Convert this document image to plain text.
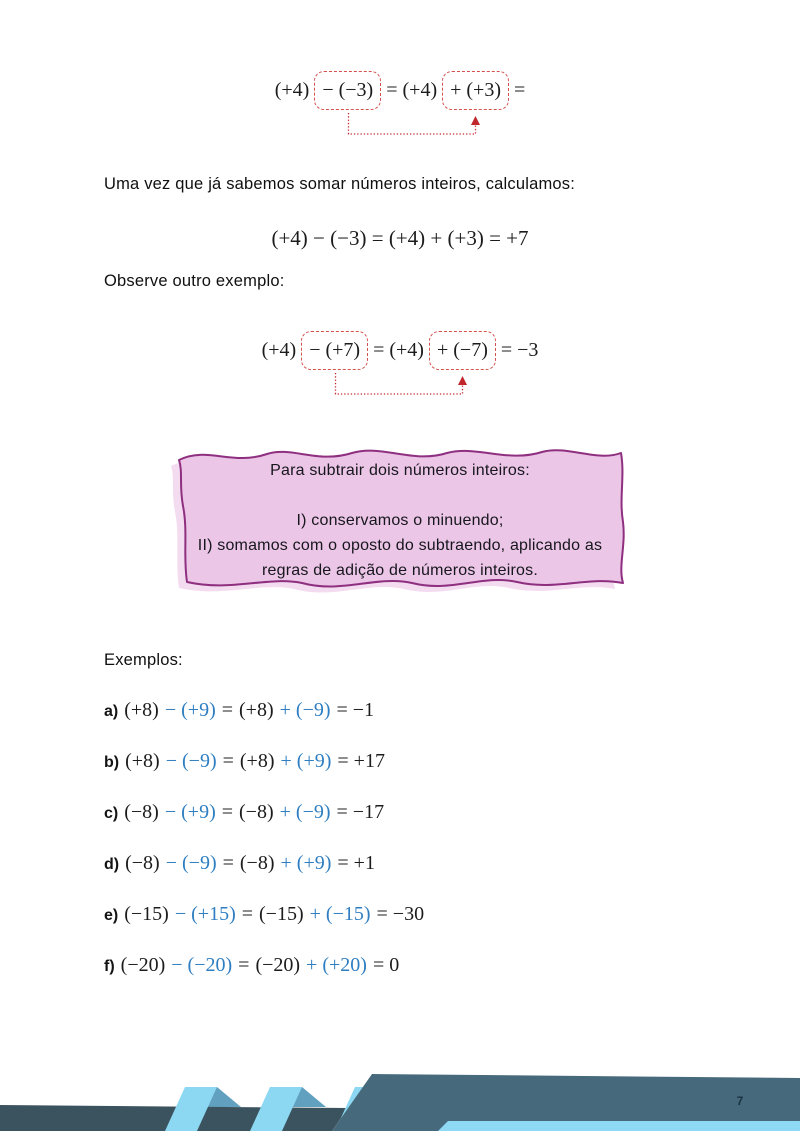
(+4) − (−3) = (+4) + (+3) =
Uma vez que já sabemos somar números inteiros, calculamos:
(+4) − (−3) = (+4) + (+3) = +7
Observe outro exemplo:
(+4) − (+7) = (+4) + (−7) = −3
Para subtrair dois números inteiros:
I) conservamos o minuendo;
II) somamos com o oposto do subtraendo, aplicando as
regras de adição de números inteiros.
Exemplos:
a) (+8) − (+9) = (+8) + (−9) = −1
b) (+8) − (−9) = (+8) + (+9) = +17
c) (−8) − (+9) = (−8) + (−9) = −17
d) (−8) − (−9) = (−8) + (+9) = +1
e) (−15) − (+15) = (−15) + (−15) = −30
f) (−20) − (−20) = (−20) + (+20) = 0
7
